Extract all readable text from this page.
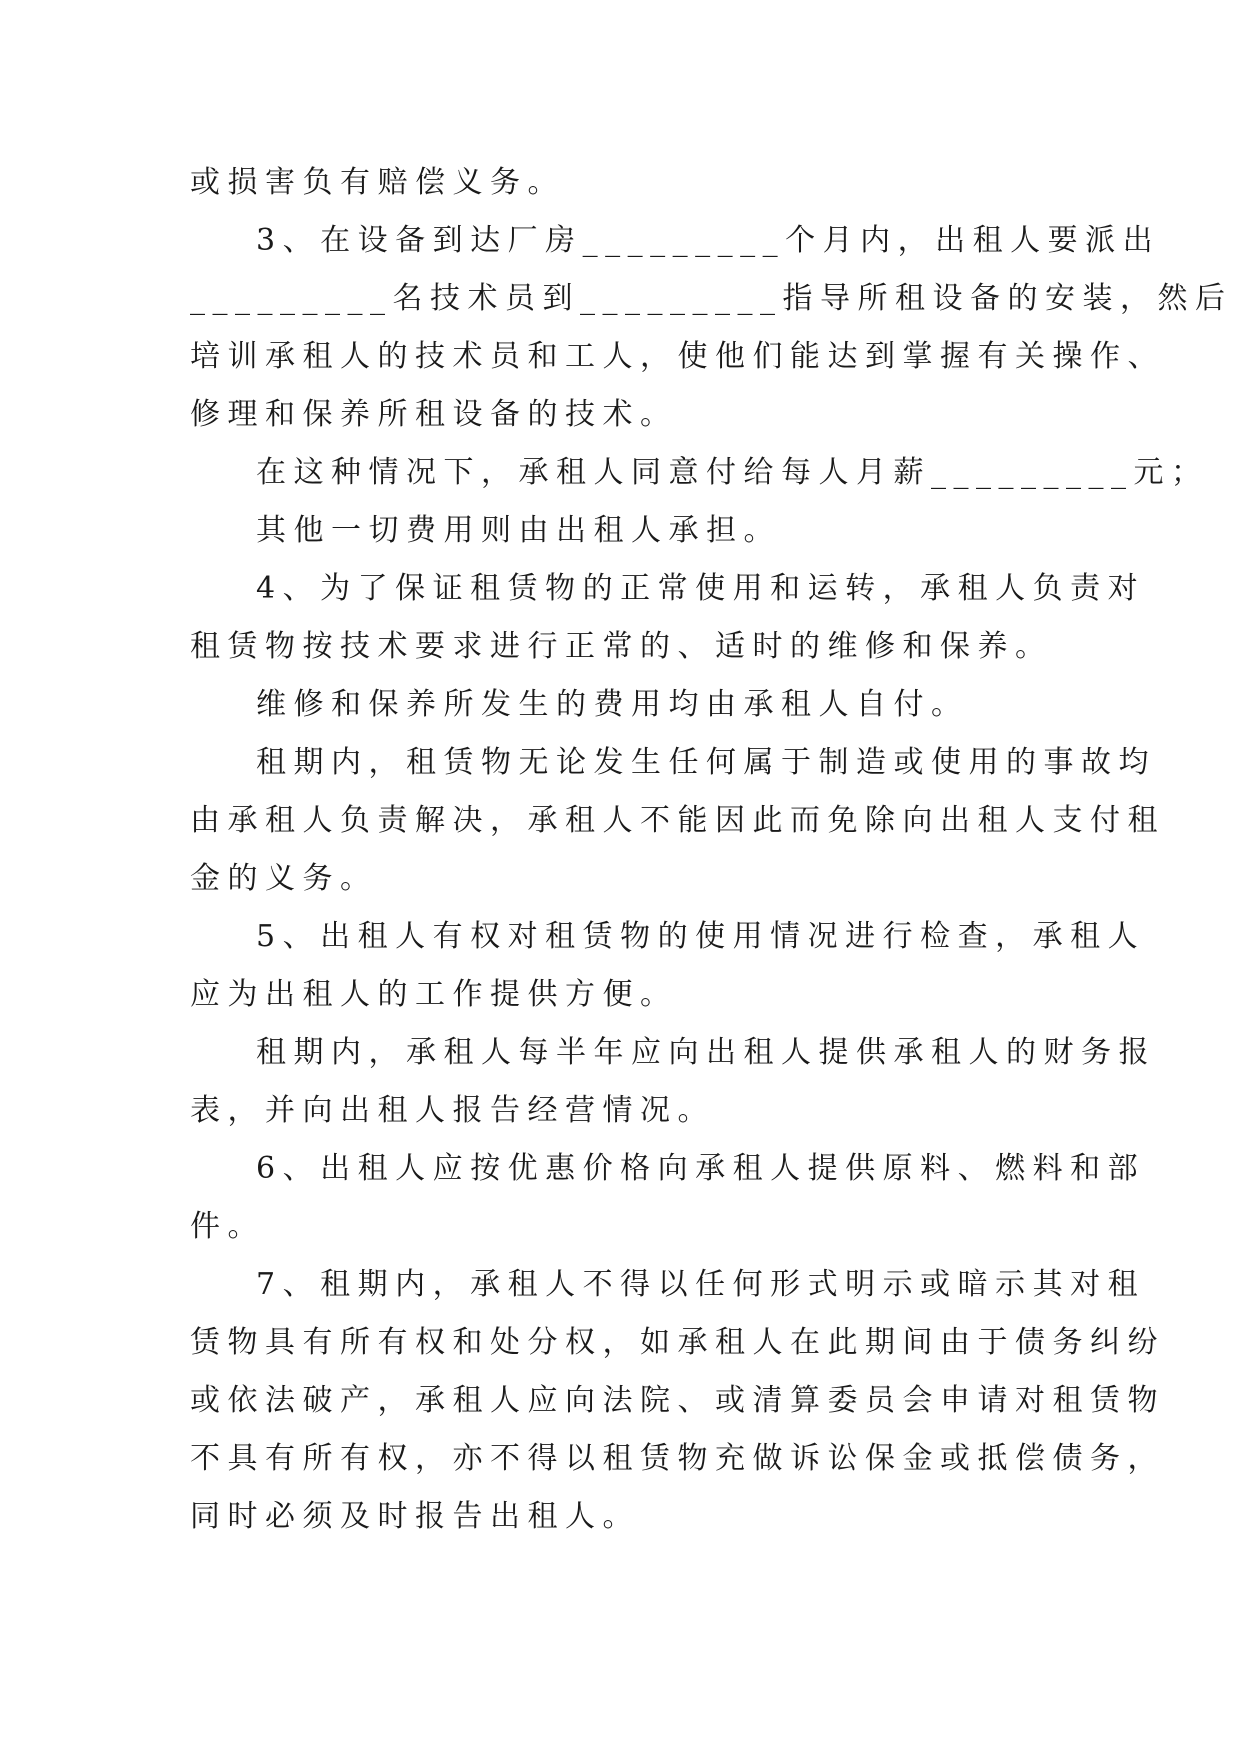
或损害负有赔偿义务。
3、在设备到达厂房_________个月内，出租人要派出
_________名技术员到_________指导所租设备的安装，然后
培训承租人的技术员和工人，使他们能达到掌握有关操作、
修理和保养所租设备的技术。
在这种情况下，承租人同意付给每人月薪_________元；
其他一切费用则由出租人承担。
4、为了保证租赁物的正常使用和运转，承租人负责对
租赁物按技术要求进行正常的、适时的维修和保养。
维修和保养所发生的费用均由承租人自付。
租期内，租赁物无论发生任何属于制造或使用的事故均
由承租人负责解决，承租人不能因此而免除向出租人支付租
金的义务。
5、出租人有权对租赁物的使用情况进行检查，承租人
应为出租人的工作提供方便。
租期内，承租人每半年应向出租人提供承租人的财务报
表，并向出租人报告经营情况。
6、出租人应按优惠价格向承租人提供原料、燃料和部
件。
7、租期内，承租人不得以任何形式明示或暗示其对租
赁物具有所有权和处分权，如承租人在此期间由于债务纠纷
或依法破产，承租人应向法院、或清算委员会申请对租赁物
不具有所有权，亦不得以租赁物充做诉讼保金或抵偿债务，
同时必须及时报告出租人。
